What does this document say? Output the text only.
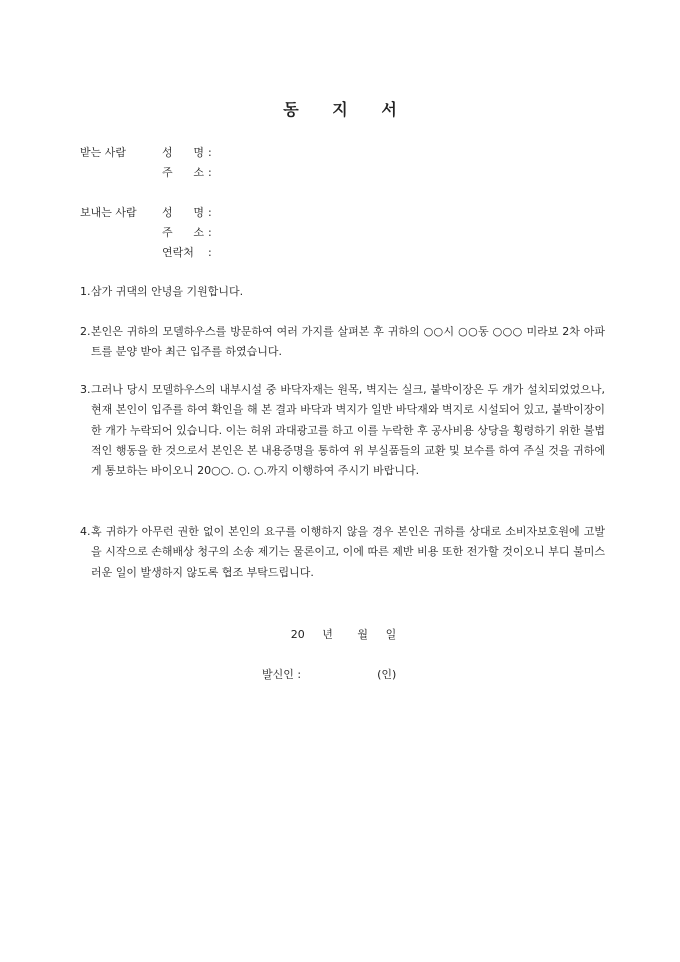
동 지 서
받는 사람	성 명 :
주 소 :
보내는 사람	성 명 :
주 소 :
연락처 :
1. 삼가 귀댁의 안녕을 기원합니다.
2. 본인은 귀하의 모델하우스를 방문하여 여러 가지를 살펴본 후 귀하의 ○○시 ○○동 ○○○ 미라보 2차 아파트를 분양 받아 최근 입주를 하였습니다.
3. 그러나 당시 모델하우스의 내부시설 중 바닥자재는 원목, 벽지는 실크, 붙박이장은 두 개가 설치되었었으나, 현재 본인이 입주를 하여 확인을 해 본 결과 바닥과 벽지가 일반 바닥재와 벽지로 시설되어 있고, 붙박이장이 한 개가 누락되어 있습니다. 이는 허위 과대광고를 하고 이를 누락한 후 공사비용 상당을 횡령하기 위한 불법적인 행동을 한 것으로서 본인은 본 내용증명을 통하여 위 부실품들의 교환 및 보수를 하여 주실 것을 귀하에게 통보하는 바이오니 20○○. ○. ○.까지 이행하여 주시기 바랍니다.
4. 혹 귀하가 아무런 권한 없이 본인의 요구를 이행하지 않을 경우 본인은 귀하를 상대로 소비자보호원에 고발을 시작으로 손해배상 청구의 소송 제기는 물론이고, 이에 따른 제반 비용 또한 전가할 것이오니 부디 불미스러운 일이 발생하지 않도록 협조 부탁드립니다.
20 년 월 일
발신인 :	(인)
